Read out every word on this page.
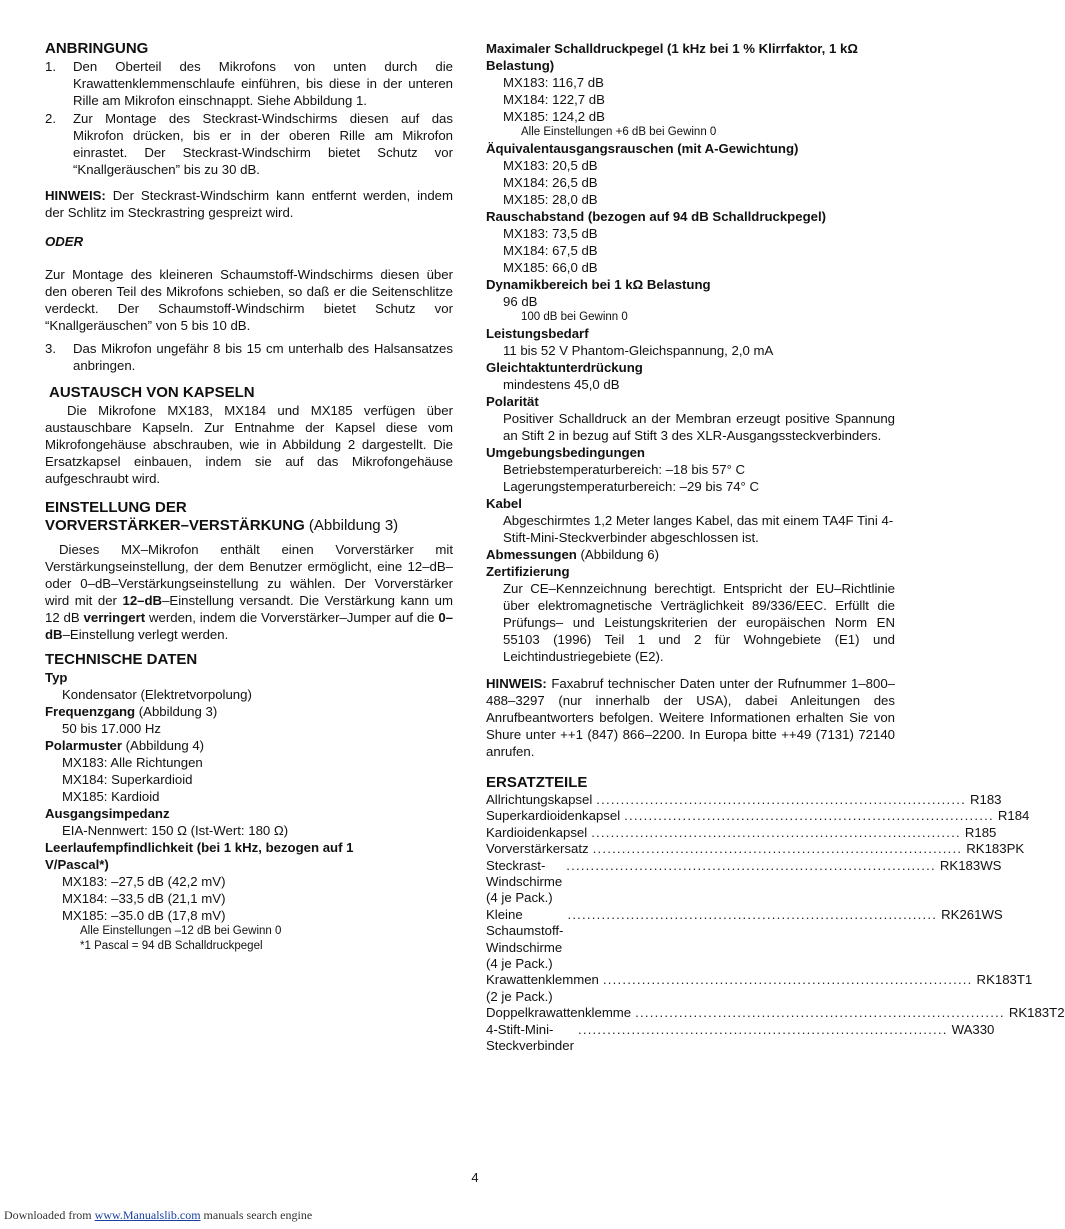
ANBRINGUNG
1. Den Oberteil des Mikrofons von unten durch die Krawattenklemmenschlaufe einführen, bis diese in der unteren Rille am Mikrofon einschnappt. Siehe Abbildung 1.
2. Zur Montage des Steckrast-Windschirms diesen auf das Mikrofon drücken, bis er in der oberen Rille am Mikrofon einrastet. Der Steckrast-Windschirm bietet Schutz vor “Knallgeräuschen” bis zu 30 dB.

HINWEIS: Der Steckrast-Windschirm kann entfernt werden, indem der Schlitz im Steckrastring gespreizt wird.

ODER

Zur Montage des kleineren Schaumstoff-Windschirms diesen über den oberen Teil des Mikrofons schieben, so daß er die Seitenschlitze verdeckt. Der Schaumstoff-Windschirm bietet Schutz vor “Knallgeräuschen” von 5 bis 10 dB.

3. Das Mikrofon ungefähr 8 bis 15 cm unterhalb des Halsansatzes anbringen.
AUSTAUSCH VON KAPSELN

Die Mikrofone MX183, MX184 und MX185 verfügen über austauschbare Kapseln. Zur Entnahme der Kapsel diese vom Mikrofongehäuse abschrauben, wie in Abbildung 2 dargestellt. Die Ersatzkapsel einbauen, indem sie auf das Mikrofongehäuse aufgeschraubt wird.

EINSTELLUNG DER
VORVERSTÄRKER–VERSTÄRKUNG (Abbildung 3)

Dieses MX–Mikrofon enthält einen Vorverstärker mit Verstärkungseinstellung, der dem Benutzer ermöglicht, eine 12–dB– oder 0–dB–Verstärkungseinstellung zu wählen. Der Vorverstärker wird mit der 12–dB–Einstellung versandt. Die Verstärkung kann um 12 dB verringert werden, indem die Vorverstärker–Jumper auf die 0–dB–Einstellung verlegt werden.

TECHNISCHE DATEN
Typ
Kondensator (Elektretvorpolung)
Frequenzgang (Abbildung 3)
50 bis 17.000 Hz
Polarmuster (Abbildung 4)
MX183: Alle Richtungen
MX184: Superkardioid
MX185: Kardioid
Ausgangsimpedanz
EIA-Nennwert: 150 Ω (Ist-Wert: 180 Ω)
Leerlaufempfindlichkeit (bei 1 kHz, bezogen auf 1 V/Pascal*)
MX183: –27,5 dB (42,2 mV)
MX184: –33,5 dB (21,1 mV)
MX185: –35.0 dB (17,8 mV)
Alle Einstellungen –12 dB bei Gewinn 0
*1 Pascal = 94 dB Schalldruckpegel
Maximaler Schalldruckpegel (1 kHz bei 1 % Klirrfaktor, 1 kΩ Belastung)
MX183: 116,7 dB
MX184: 122,7 dB
MX185: 124,2 dB
Alle Einstellungen +6 dB bei Gewinn 0
Äquivalentausgangsrauschen (mit A-Gewichtung)
MX183: 20,5 dB
MX184: 26,5 dB
MX185: 28,0 dB
Rauschabstand (bezogen auf 94 dB Schalldruckpegel)
MX183: 73,5 dB
MX184: 67,5 dB
MX185: 66,0 dB
Dynamikbereich bei 1 kΩ Belastung
96 dB
100 dB bei Gewinn 0
Leistungsbedarf
11 bis 52 V Phantom-Gleichspannung, 2,0 mA
Gleichtaktunterdrückung
mindestens 45,0 dB
Polarität
Positiver Schalldruck an der Membran erzeugt positive Spannung an Stift 2 in bezug auf Stift 3 des XLR-Ausgangssteckverbinders.
Umgebungsbedingungen
Betriebstemperaturbereich: –18 bis 57° C
Lagerungstemperaturbereich: –29 bis 74° C
Kabel
Abgeschirmtes 1,2 Meter langes Kabel, das mit einem TA4F Tini 4-Stift-Mini-Steckverbinder abgeschlossen ist.
Abmessungen (Abbildung 6)
Zertifizierung
Zur CE–Kennzeichnung berechtigt. Entspricht der EU–Richtlinie über elektromagnetische Verträglichkeit 89/336/EEC. Erfüllt die Prüfungs– und Leistungskriterien der europäischen Norm EN 55103 (1996) Teil 1 und 2 für Wohngebiete (E1) und Leichtindustriegebiete (E2).

HINWEIS: Faxabruf technischer Daten unter der Rufnummer 1–800–488–3297 (nur innerhalb der USA), dabei Anleitungen des Anrufbeantworters befolgen. Weitere Informationen erhalten Sie von Shure unter ++1 (847) 866–2200. In Europa bitte ++49 (7131) 72140 anrufen.

ERSATZTEILE
Allrichtungskapsel ............................................................................ R183
Superkardioidenkapsel ............................................................................ R184
Kardioidenkapsel ............................................................................ R185
Vorverstärkersatz ............................................................................ RK183PK
Steckrast-Windschirme (4 je Pack.)
............................................................................ RK183WS
Kleine Schaumstoff-Windschirme (4 je Pack.)
............................................................................ RK261WS
Krawattenklemmen (2 je Pack.)
............................................................................ RK183T1
Doppelkrawattenklemme ............................................................................ RK183T2
4-Stift-Mini-Steckverbinder
............................................................................ WA330
4
Downloaded from www.Manualslib.com manuals search engine
